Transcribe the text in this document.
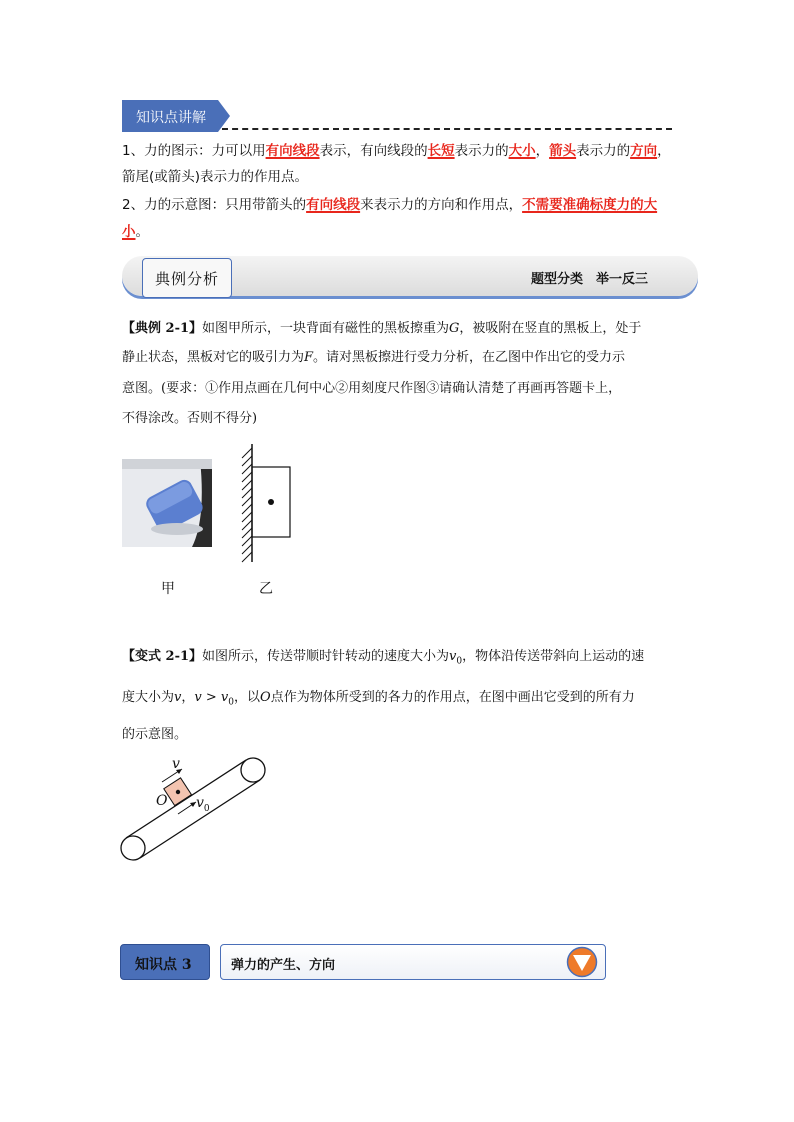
知识点讲解
1、力的图示：力可以用有向线段表示，有向线段的长短表示力的大小，箭头表示力的方向，
箭尾(或箭头)表示力的作用点。
2、力的示意图：只用带箭头的有向线段来表示力的方向和作用点，不需要准确标度力的大
小。
典例分析	题型分类　举一反三
【典例 2-1】如图甲所示，一块背面有磁性的黑板擦重为G，被吸附在竖直的黑板上，处于
静止状态，黑板对它的吸引力为F。请对黑板擦进行受力分析，在乙图中作出它的受力示
意图。(要求：①作用点画在几何中心②用刻度尺作图③请确认清楚了再画再答题卡上，
不得涂改。否则不得分)
甲	乙
【变式 2-1】如图所示，传送带顺时针转动的速度大小为$v_0$，物体沿传送带斜向上运动的速
度大小为v，$v > v_0$，以O点作为物体所受到的各力的作用点，在图中画出它受到的所有力
的示意图。
v
O $v_0$
知识点 3	弹力的产生、方向
